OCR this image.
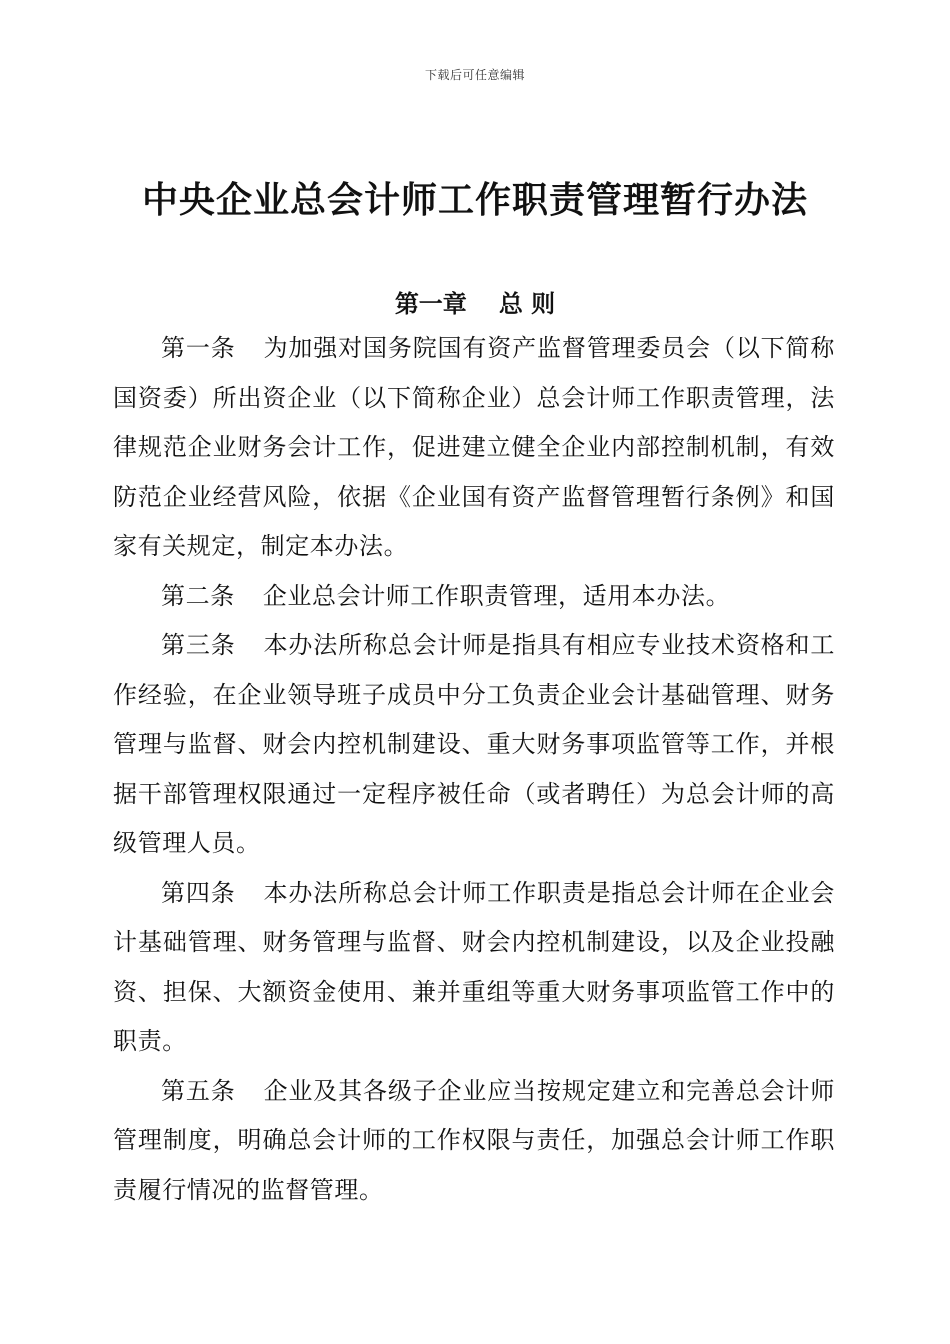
下载后可任意编辑
中央企业总会计师工作职责管理暂行办法
第一章 总 则

第一条 为加强对国务院国有资产监督管理委员会（以下简称国资委）所出资企业（以下简称企业）总会计师工作职责管理，法律规范企业财务会计工作，促进建立健全企业内部控制机制，有效防范企业经营风险，依据《企业国有资产监督管理暂行条例》和国家有关规定，制定本办法。

第二条 企业总会计师工作职责管理，适用本办法。

第三条 本办法所称总会计师是指具有相应专业技术资格和工作经验，在企业领导班子成员中分工负责企业会计基础管理、财务管理与监督、财会内控机制建设、重大财务事项监管等工作，并根据干部管理权限通过一定程序被任命（或者聘任）为总会计师的高级管理人员。

第四条 本办法所称总会计师工作职责是指总会计师在企业会计基础管理、财务管理与监督、财会内控机制建设，以及企业投融资、担保、大额资金使用、兼并重组等重大财务事项监管工作中的职责。

第五条 企业及其各级子企业应当按规定建立和完善总会计师管理制度，明确总会计师的工作权限与责任，加强总会计师工作职责履行情况的监督管理。
